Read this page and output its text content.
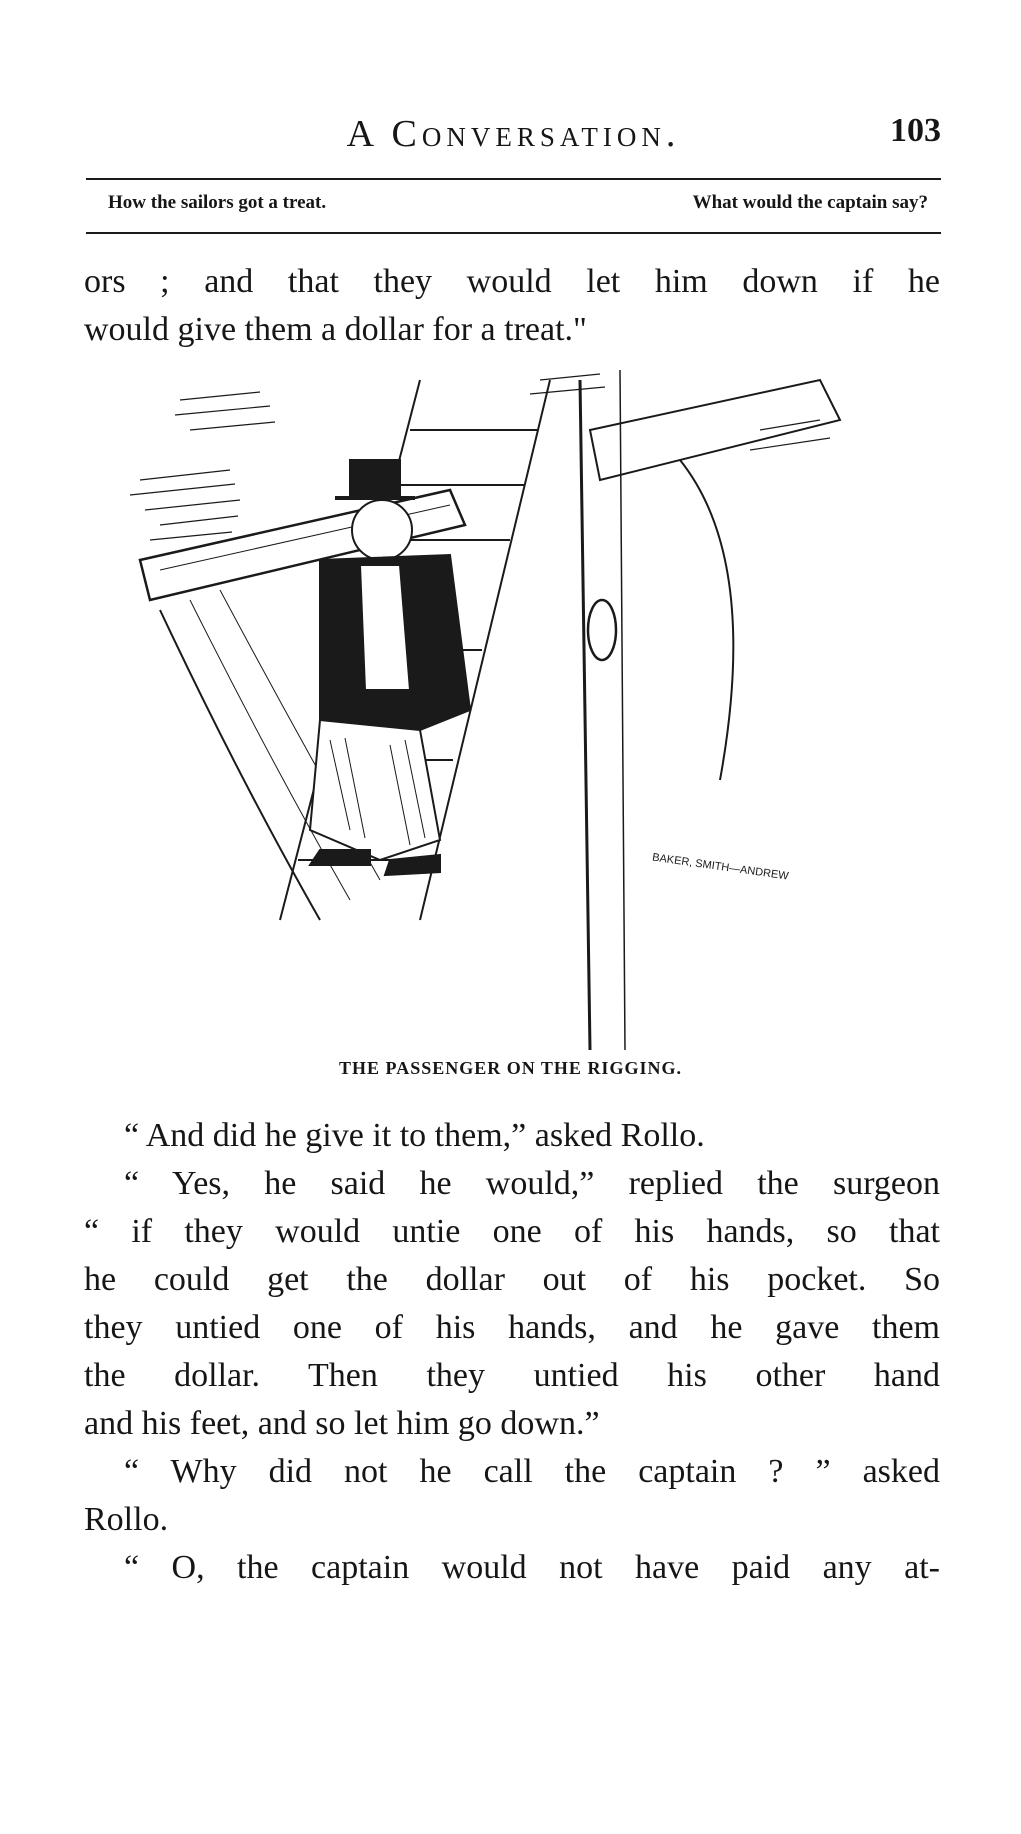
A Conversation.	103
How the sailors got a treat.	What would the captain say?
ors ; and that they would let him down if he
would give them a dollar for a treat."
BAKER, SMITH—ANDREW
THE PASSENGER ON THE RIGGING.
“ And did he give it to them,” asked Rollo.
“ Yes, he said he would,” replied the surgeon
“ if they would untie one of his hands, so that
he could get the dollar out of his pocket. So
they untied one of his hands, and he gave them
the dollar. Then they untied his other hand
and his feet, and so let him go down.”
“ Why did not he call the captain ? ” asked
Rollo.
“ O, the captain would not have paid any at-
